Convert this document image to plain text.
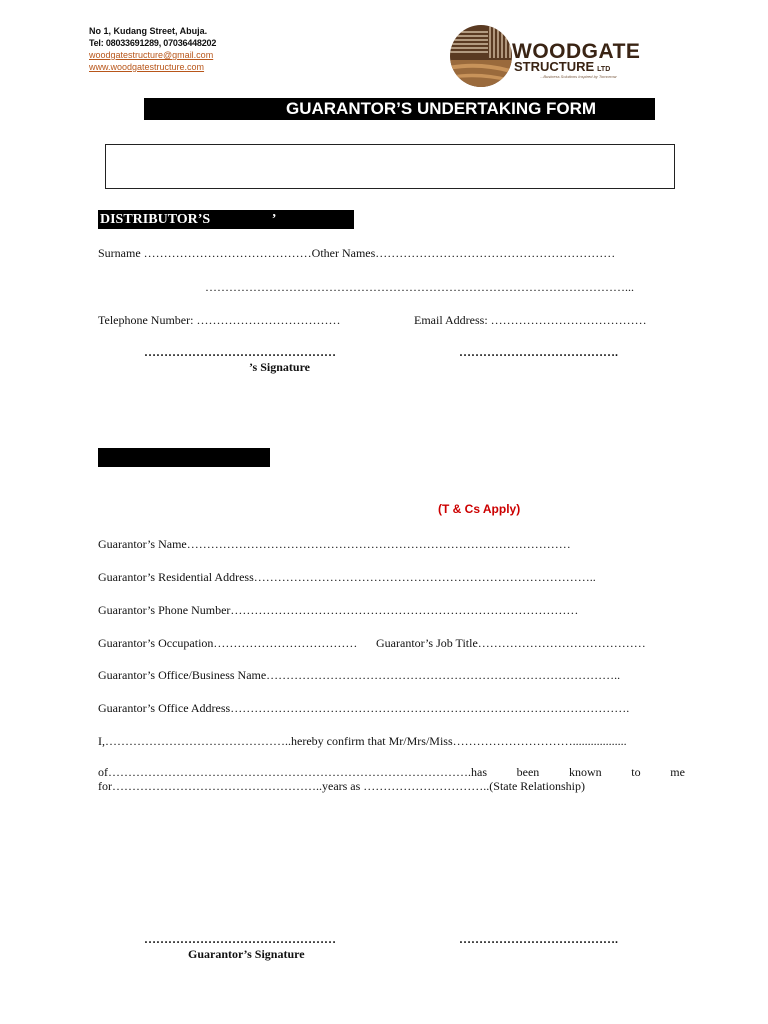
No 1, Kudang Street, Abuja.
Tel: 08033691289, 07036448202
woodgatestructure@gmail.com
www.woodgatestructure.com
WOODGATE
STRUCTURE LTD
...Business Solutions Inspired by Tomorrow
GUARANTOR’S UNDERTAKING FORM
DISTRIBUTOR’S	’
Surname ……………………………………Other Names……………………………………………………
……………………………………………………………………………………………...
Telephone Number: ………………………………	Email Address: …………………………………
…………………………………………	………………………………….
’s Signature
(T & Cs Apply)
Guarantor’s Name……………………………………………………………………………………
Guarantor’s Residential Address…………………………………………………………………………..
Guarantor’s Phone Number……………………………………………………………………………
Guarantor’s Occupation……………………………… Guarantor’s Job Title……………………………………
Guarantor’s Office/Business Name……………………………………………………………………………..
Guarantor’s Office Address……………………………………………………………………………………….
I,………………………………………..hereby confirm that Mr/Mrs/Miss…………………………..................
of……………………………………………………………………………….has been known to me
for……………………………………………..years as …………………………..(State Relationship)
…………………………………………	………………………………….
Guarantor’s Signature
